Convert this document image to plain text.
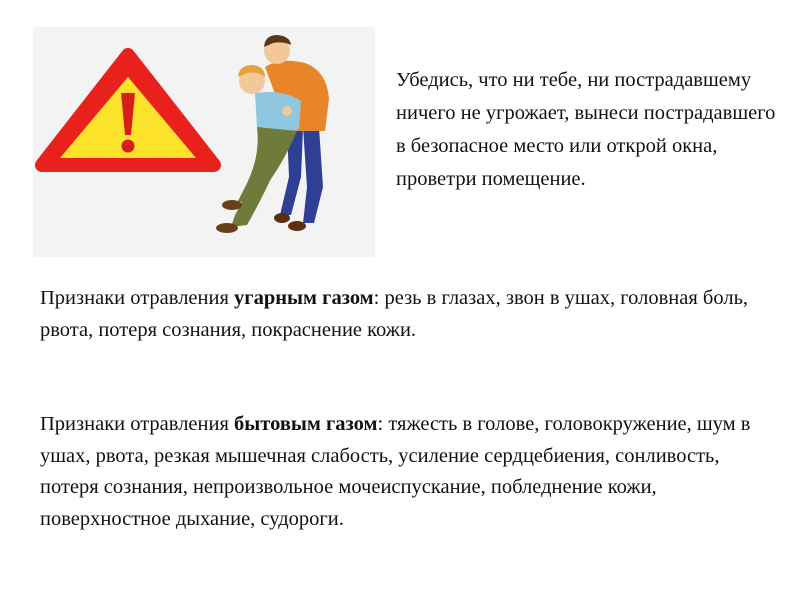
Убедись, что ни тебе, ни пострадавшему ничего не угрожает, вынеси пострадавшего в безопасное место или открой окна, проветри помещение.

Признаки отравления угарным газом: резь в глазах, звон в ушах, головная боль, рвота, потеря сознания, покраснение кожи.

Признаки отравления бытовым газом: тяжесть в голове, головокружение, шум в ушах, рвота, резкая мышечная слабость, усиление сердцебиения, сонливость, потеря сознания, непроизвольное мочеиспускание, побледнение кожи, поверхностное дыхание, судороги.
